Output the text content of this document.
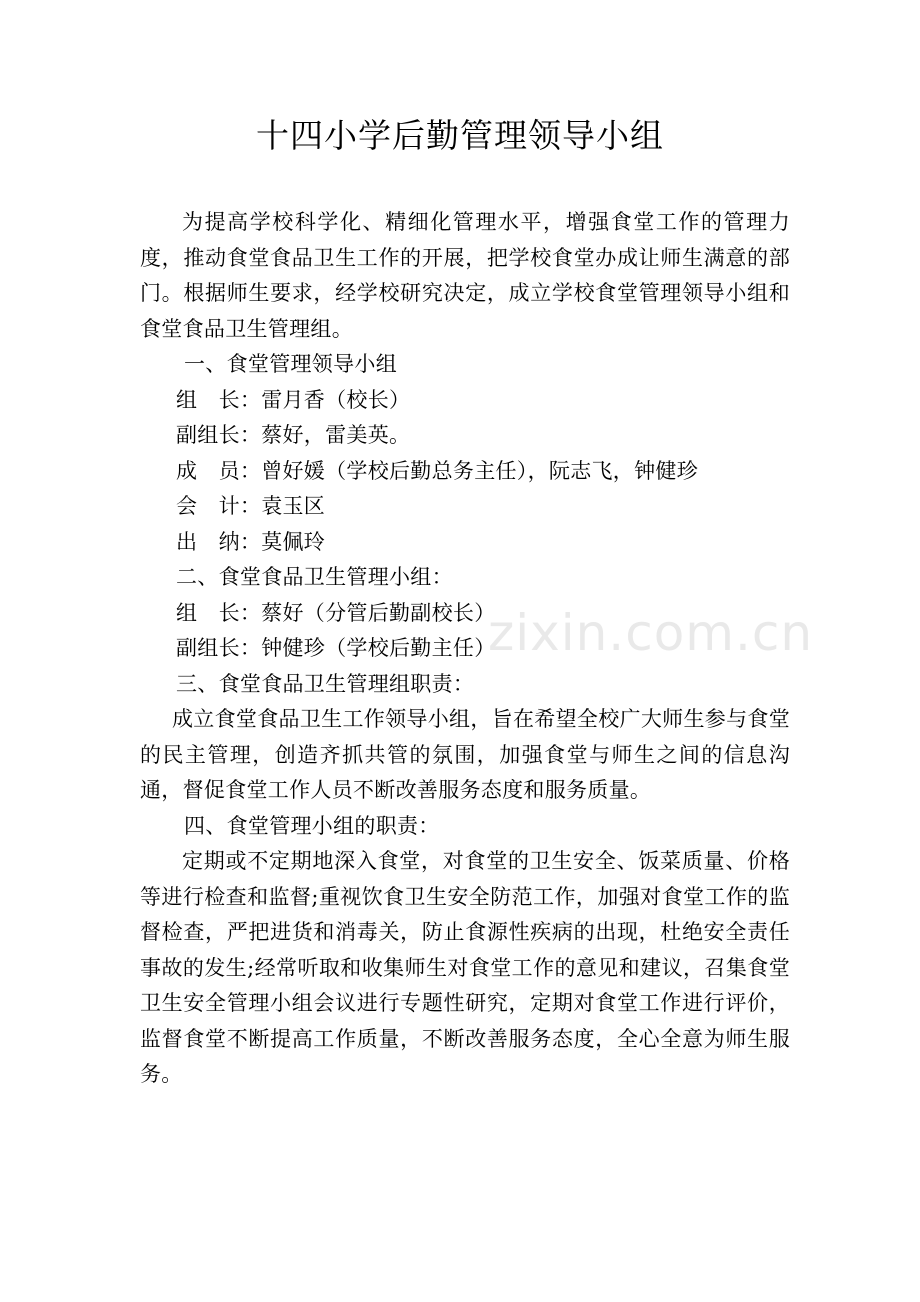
十四小学后勤管理领导小组

为提高学校科学化、精细化管理水平，增强食堂工作的管理力度，推动食堂食品卫生工作的开展，把学校食堂办成让师生满意的部门。根据师生要求，经学校研究决定，成立学校食堂管理领导小组和食堂食品卫生管理组。

一、食堂管理领导小组

组　长：雷月香（校长）

副组长：蔡好，雷美英。

成　员：曾好媛（学校后勤总务主任），阮志飞，钟健珍

会　计：袁玉区

出　纳：莫佩玲

二、食堂食品卫生管理小组：

组　长：蔡好（分管后勤副校长）

副组长：钟健珍（学校后勤主任）

三、食堂食品卫生管理组职责：

成立食堂食品卫生工作领导小组，旨在希望全校广大师生参与食堂的民主管理，创造齐抓共管的氛围，加强食堂与师生之间的信息沟通，督促食堂工作人员不断改善服务态度和服务质量。

四、食堂管理小组的职责：

定期或不定期地深入食堂，对食堂的卫生安全、饭菜质量、价格等进行检查和监督;重视饮食卫生安全防范工作，加强对食堂工作的监督检查，严把进货和消毒关，防止食源性疾病的出现，杜绝安全责任事故的发生;经常听取和收集师生对食堂工作的意见和建议，召集食堂卫生安全管理小组会议进行专题性研究，定期对食堂工作进行评价，监督食堂不断提高工作质量，不断改善服务态度，全心全意为师生服务。

zixin.com.cn
